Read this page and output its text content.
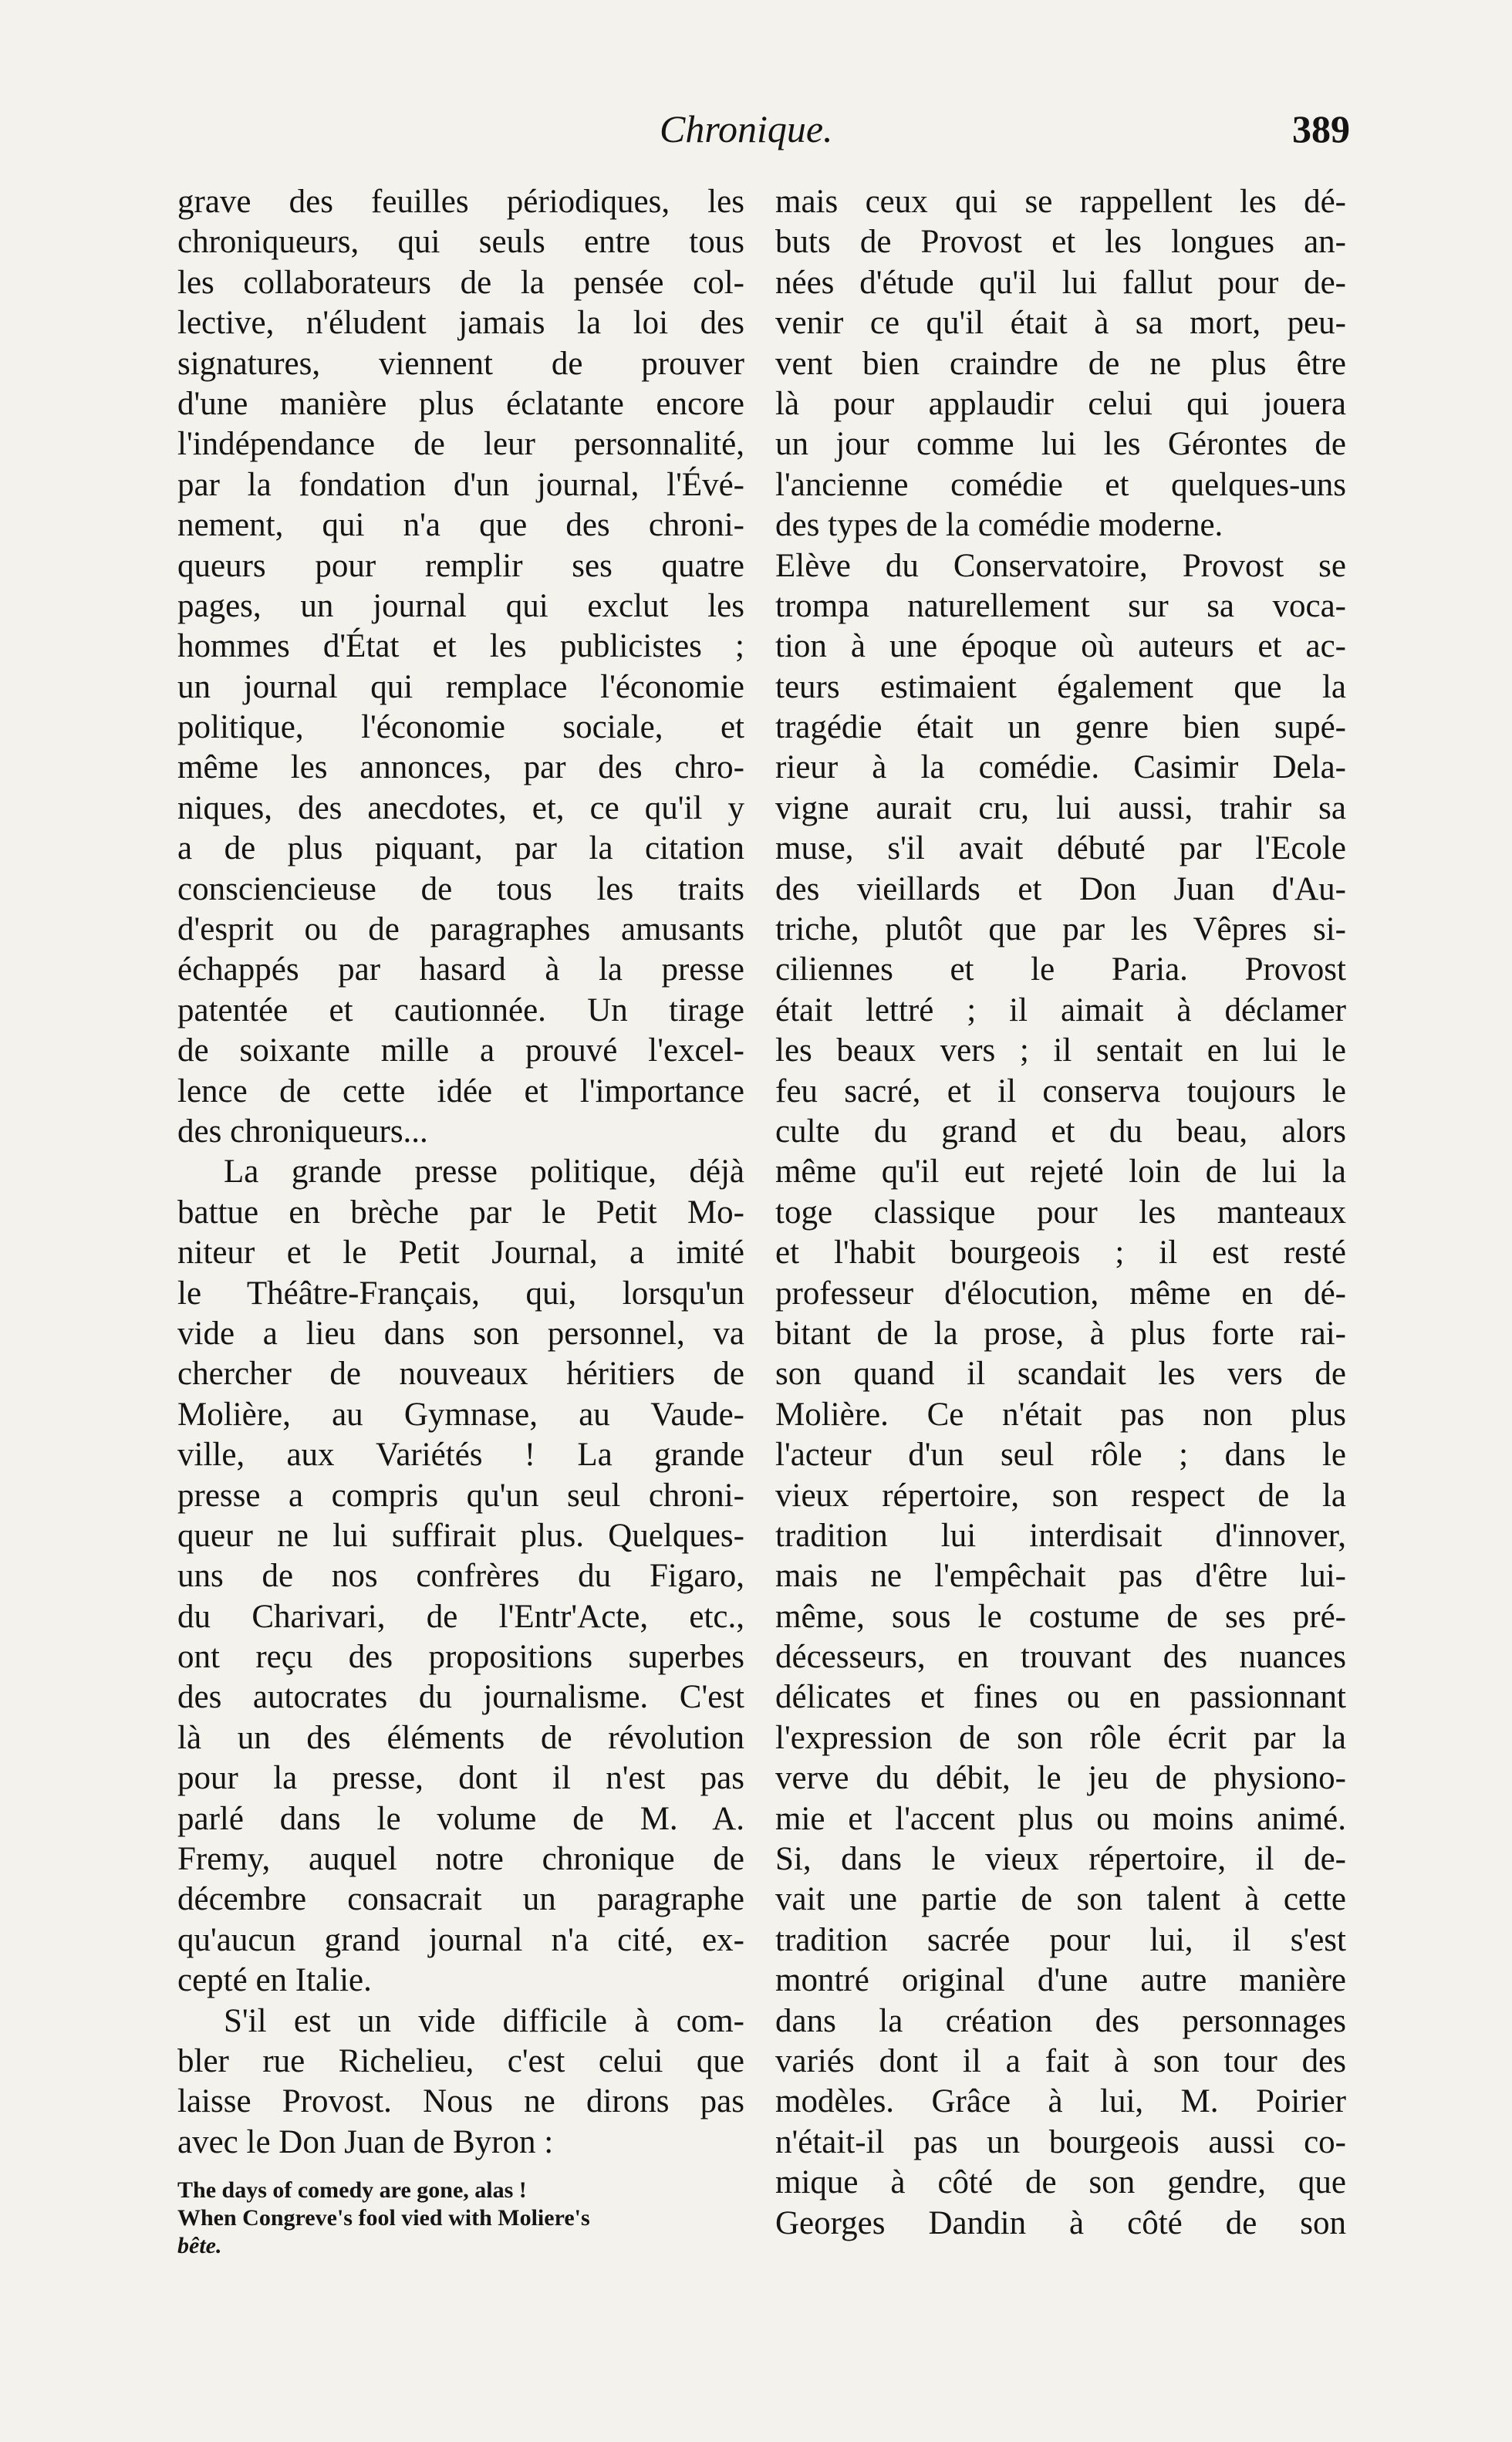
Chronique.	389
grave des feuilles périodiques, les
chroniqueurs, qui seuls entre tous
les collaborateurs de la pensée col-
lective, n'éludent jamais la loi des
signatures, viennent de prouver
d'une manière plus éclatante encore
l'indépendance de leur personnalité,
par la fondation d'un journal, l'Évé-
nement, qui n'a que des chroni-
queurs pour remplir ses quatre
pages, un journal qui exclut les
hommes d'État et les publicistes ;
un journal qui remplace l'économie
politique, l'économie sociale, et
même les annonces, par des chro-
niques, des anecdotes, et, ce qu'il y
a de plus piquant, par la citation
consciencieuse de tous les traits
d'esprit ou de paragraphes amusants
échappés par hasard à la presse
patentée et cautionnée. Un tirage
de soixante mille a prouvé l'excel-
lence de cette idée et l'importance
des chroniqueurs...
La grande presse politique, déjà
battue en brèche par le Petit Mo-
niteur et le Petit Journal, a imité
le Théâtre-Français, qui, lorsqu'un
vide a lieu dans son personnel, va
chercher de nouveaux héritiers de
Molière, au Gymnase, au Vaude-
ville, aux Variétés ! La grande
presse a compris qu'un seul chroni-
queur ne lui suffirait plus. Quelques-
uns de nos confrères du Figaro,
du Charivari, de l'Entr'Acte, etc.,
ont reçu des propositions superbes
des autocrates du journalisme. C'est
là un des éléments de révolution
pour la presse, dont il n'est pas
parlé dans le volume de M. A.
Fremy, auquel notre chronique de
décembre consacrait un paragraphe
qu'aucun grand journal n'a cité, ex-
cepté en Italie.
S'il est un vide difficile à com-
bler rue Richelieu, c'est celui que
laisse Provost. Nous ne dirons pas
avec le Don Juan de Byron :
The days of comedy are gone, alas !
When Congreve's fool vied with Moliere's
bête.
mais ceux qui se rappellent les dé-
buts de Provost et les longues an-
nées d'étude qu'il lui fallut pour de-
venir ce qu'il était à sa mort, peu-
vent bien craindre de ne plus être
là pour applaudir celui qui jouera
un jour comme lui les Gérontes de
l'ancienne comédie et quelques-uns
des types de la comédie moderne.
Elève du Conservatoire, Provost se
trompa naturellement sur sa voca-
tion à une époque où auteurs et ac-
teurs estimaient également que la
tragédie était un genre bien supé-
rieur à la comédie. Casimir Dela-
vigne aurait cru, lui aussi, trahir sa
muse, s'il avait débuté par l'Ecole
des vieillards et Don Juan d'Au-
triche, plutôt que par les Vêpres si-
ciliennes et le Paria. Provost
était lettré ; il aimait à déclamer
les beaux vers ; il sentait en lui le
feu sacré, et il conserva toujours le
culte du grand et du beau, alors
même qu'il eut rejeté loin de lui la
toge classique pour les manteaux
et l'habit bourgeois ; il est resté
professeur d'élocution, même en dé-
bitant de la prose, à plus forte rai-
son quand il scandait les vers de
Molière. Ce n'était pas non plus
l'acteur d'un seul rôle ; dans le
vieux répertoire, son respect de la
tradition lui interdisait d'innover,
mais ne l'empêchait pas d'être lui-
même, sous le costume de ses pré-
décesseurs, en trouvant des nuances
délicates et fines ou en passionnant
l'expression de son rôle écrit par la
verve du débit, le jeu de physiono-
mie et l'accent plus ou moins animé.
Si, dans le vieux répertoire, il de-
vait une partie de son talent à cette
tradition sacrée pour lui, il s'est
montré original d'une autre manière
dans la création des personnages
variés dont il a fait à son tour des
modèles. Grâce à lui, M. Poirier
n'était-il pas un bourgeois aussi co-
mique à côté de son gendre, que
Georges Dandin à côté de son
